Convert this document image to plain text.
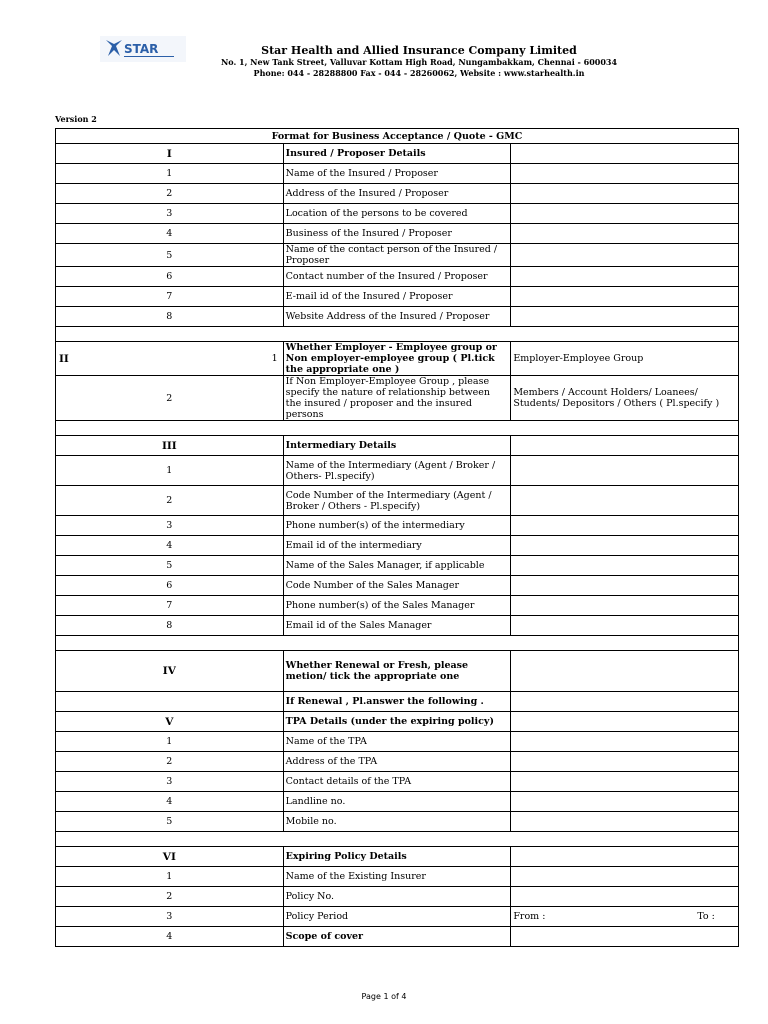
STAR	Star Health and Allied Insurance Company Limited
No. 1, New Tank Street, Valluvar Kottam High Road, Nungambakkam, Chennai - 600034
Phone: 044 - 28288800 Fax - 044 - 28260062, Website : www.starhealth.in
Version 2
Format for Business Acceptance / Quote - GMC		
I	Insured / Proposer Details	
1	Name of the Insured / Proposer	
2	Address of the Insured / Proposer	
3	Location of the persons to be covered	
4	Business of the Insured / Proposer	
5	Name of the contact person of the Insured / Proposer	
6	Contact number of the Insured / Proposer	
7	E-mail id of the Insured / Proposer	
8	Website Address of the Insured / Proposer	

II 1	Whether Employer - Employee group or Non employer-employee group ( Pl.tick the appropriate one )	Employer-Employee Group
2	If Non Employer-Employee Group , please specify the nature of relationship between the insured / proposer and the insured persons	Members / Account Holders/ Loanees/ Students/ Depositors / Others ( Pl.specify )

III	Intermediary Details	
1	Name of the Intermediary (Agent / Broker / Others- Pl.specify)	
2	Code Number of the Intermediary (Agent / Broker / Others - Pl.specify)	
3	Phone number(s) of the intermediary	
4	Email id of the intermediary	
5	Name of the Sales Manager, if applicable	
6	Code Number of the Sales Manager	
7	Phone number(s) of the Sales Manager	
8	Email id of the Sales Manager	

IV	Whether Renewal or Fresh, please metion/ tick the appropriate one	
	If Renewal , Pl.answer the following .	
V	TPA Details (under the expiring policy)	
1	Name of the TPA	
2	Address of the TPA	
3	Contact details of the TPA	
4	Landline no.	
5	Mobile no.	

VI	Expiring Policy Details	
1	Name of the Existing Insurer	
2	Policy No.	
3	Policy Period	From : To :

4	Scope of cover	
Page 1 of 4
